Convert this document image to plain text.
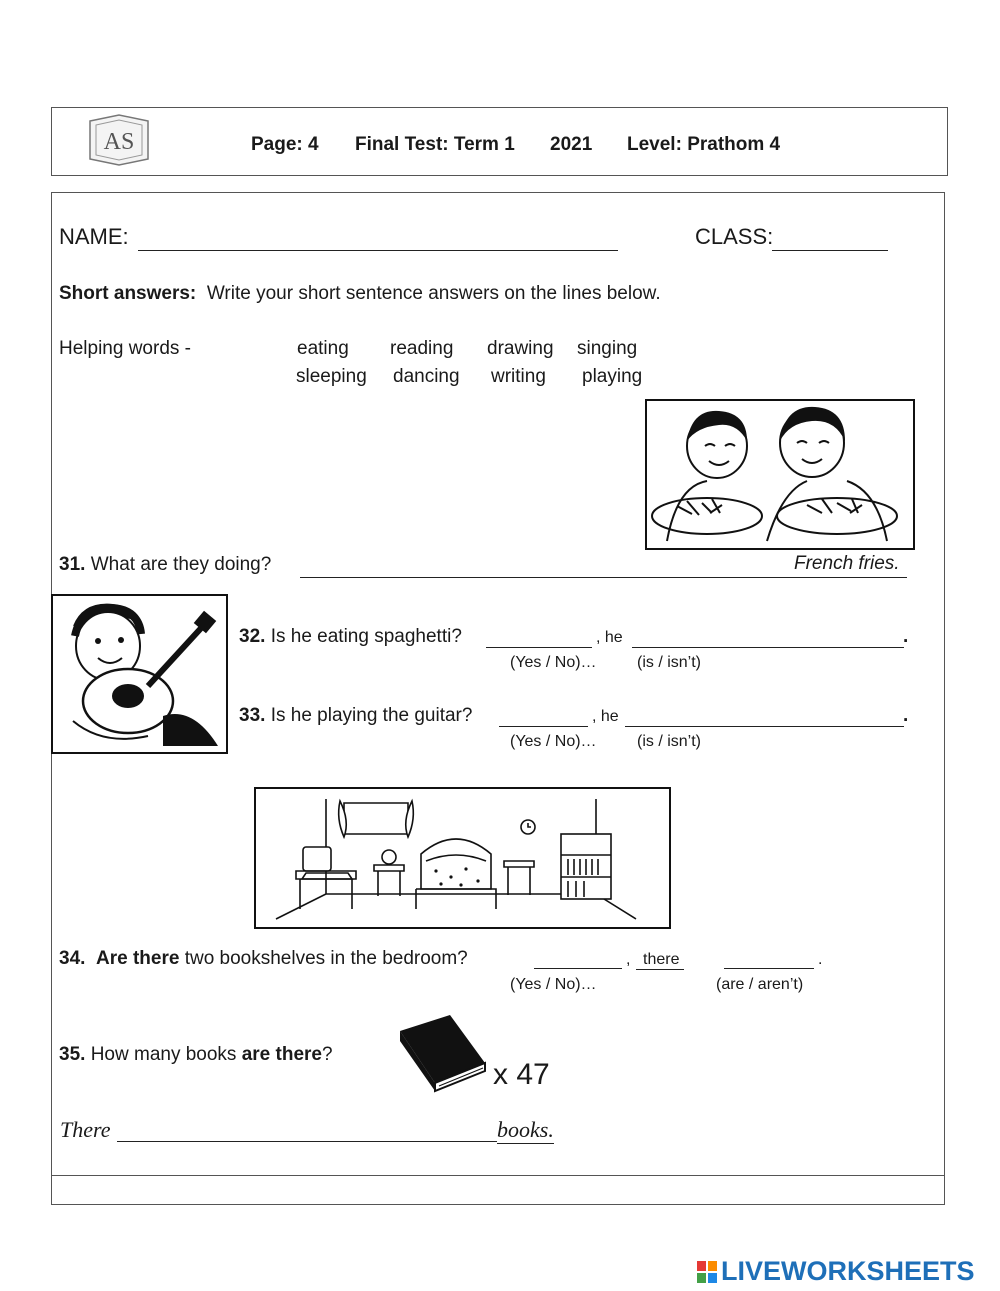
AS	Page: 4 Final Test: Term 1 2021 Level: Prathom 4
NAME:	CLASS:
Short answers: Write your short sentence answers on the lines below.
Helping words -	eating reading drawing singing
sleeping dancing writing playing
31. What are they doing?	French fries.
32. Is he eating spaghetti?	, he	.
(Yes / No)…	(is / isn’t)
33. Is he playing the guitar?	, he	.
(Yes / No)…	(is / isn’t)
34. Are there two bookshelves in the bedroom?	, there	.
(Yes / No)…	(are / aren’t)
35. How many books are there?
x 47
There	books.
LIVEWORKSHEETS
